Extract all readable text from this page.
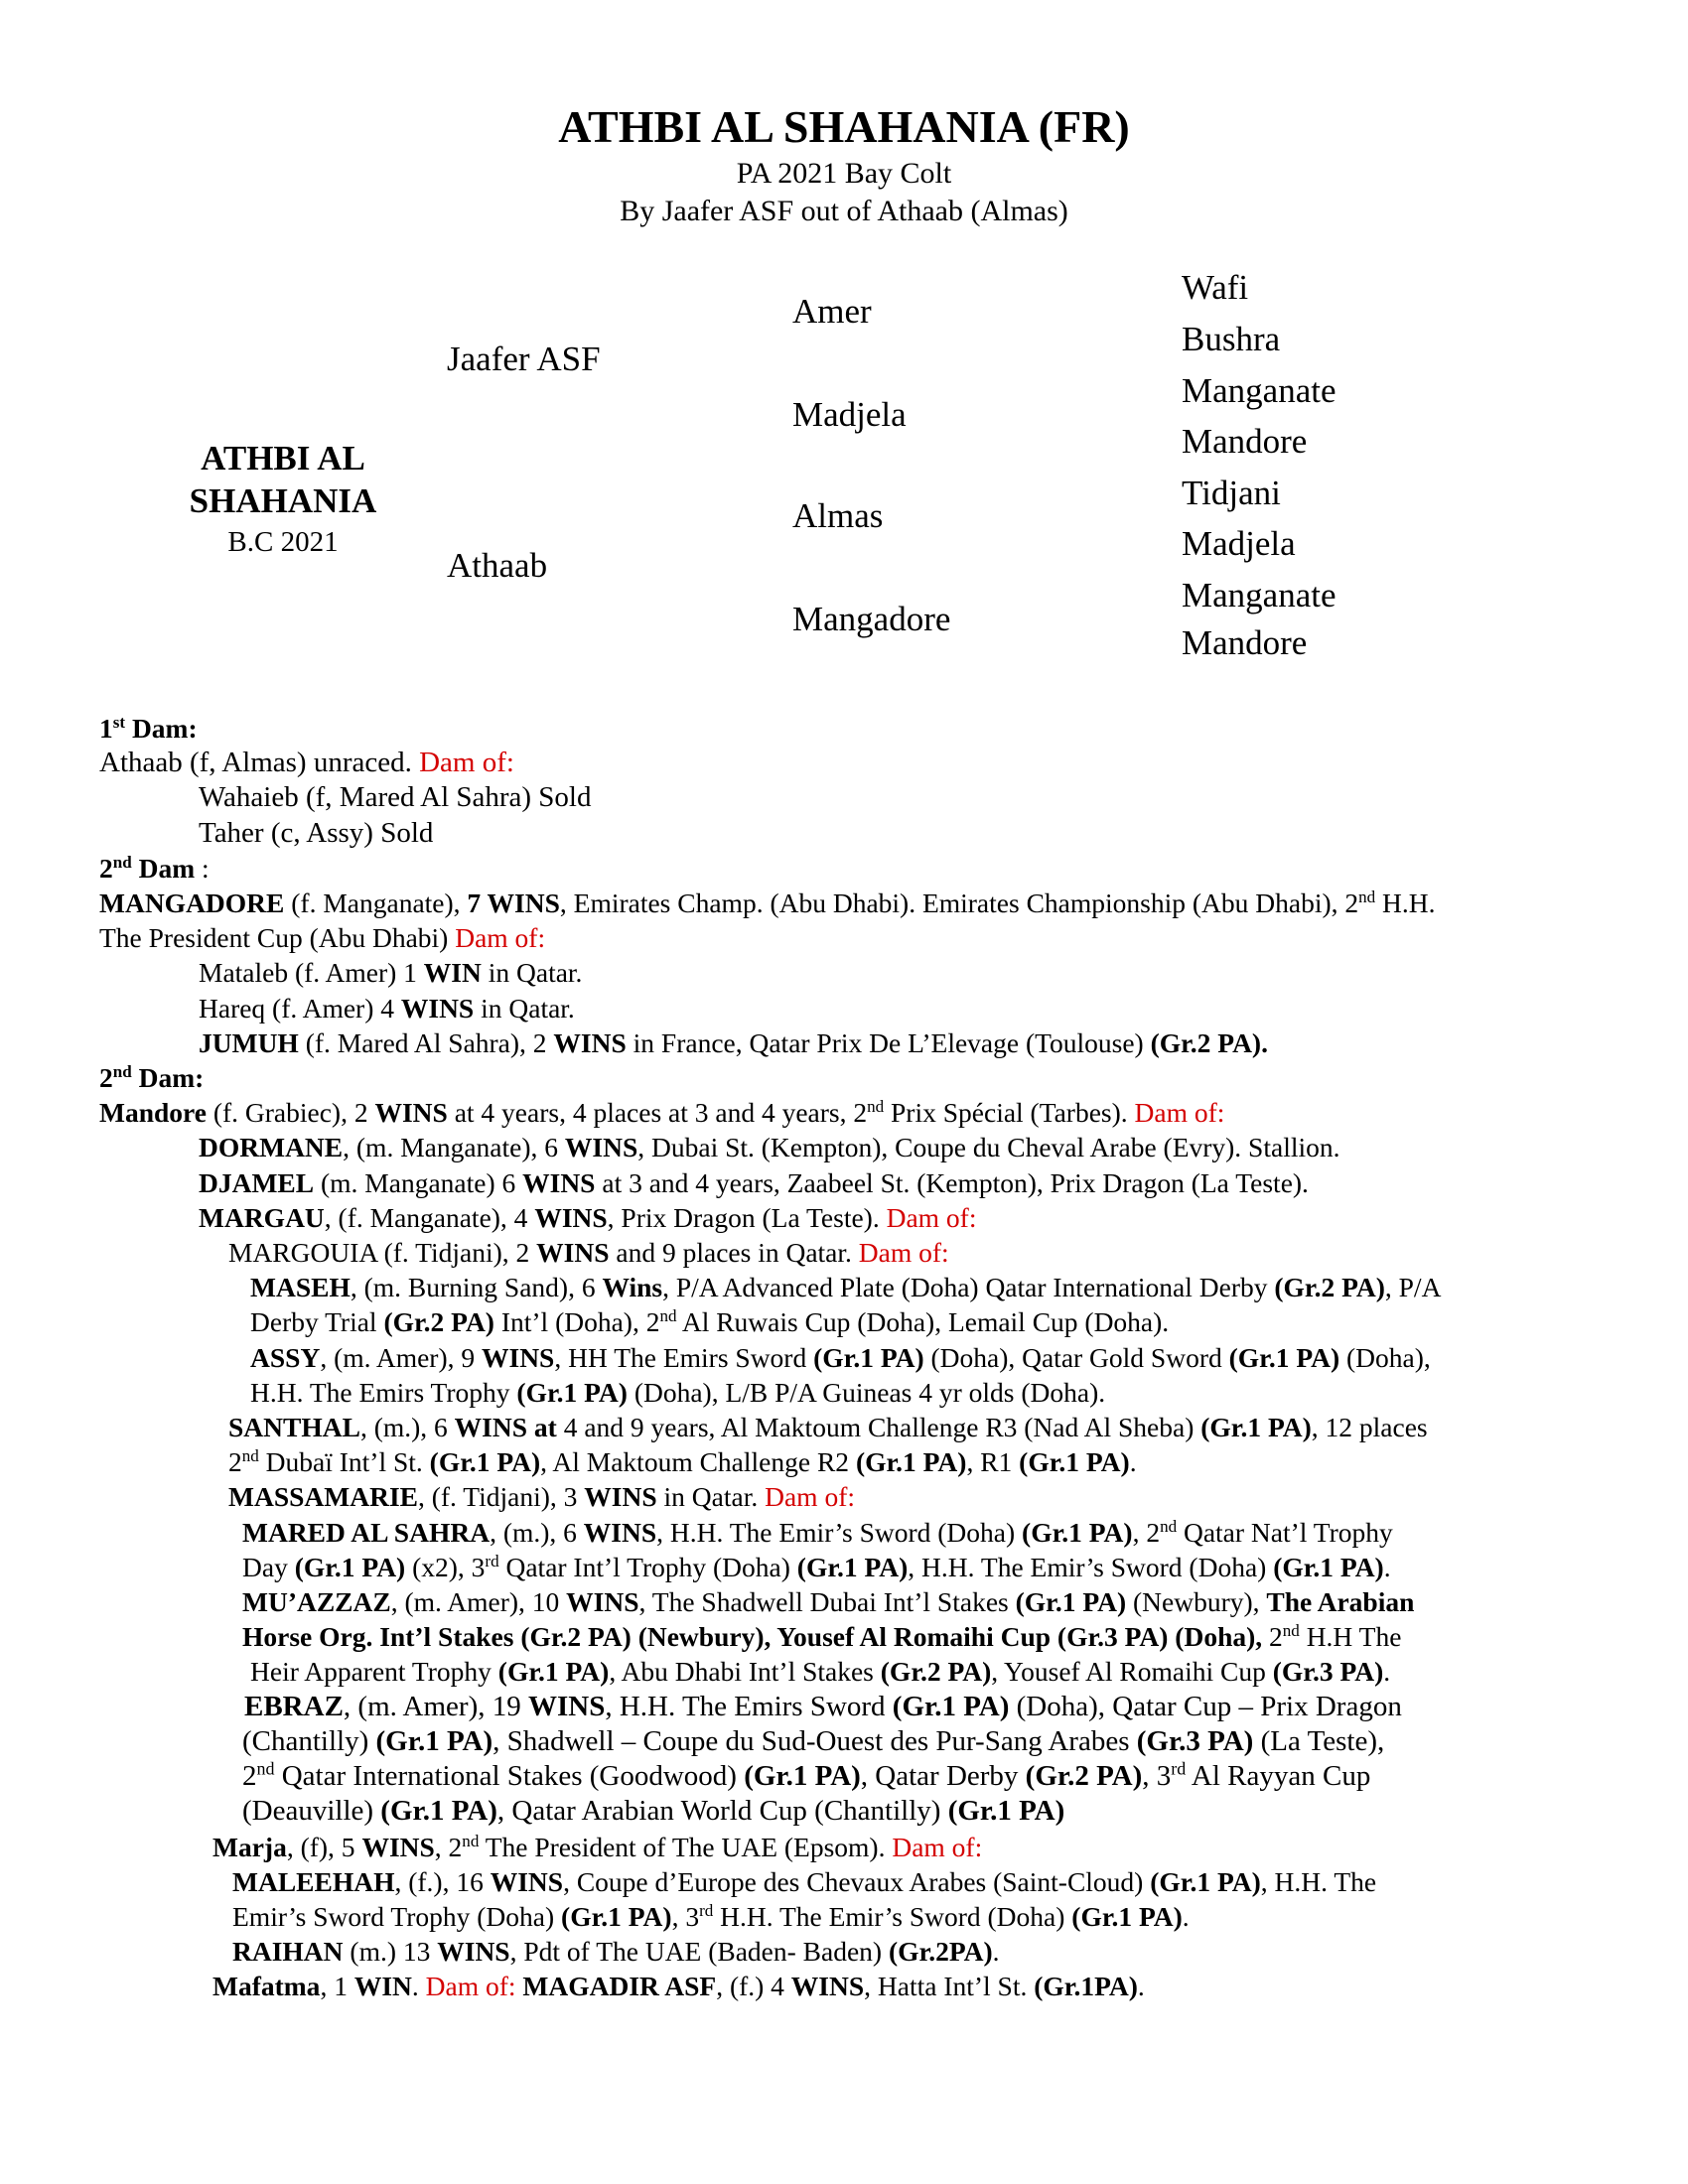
ATHBI AL SHAHANIA (FR)
PA 2021 Bay Colt
By Jaafer ASF out of Athaab (Almas)
ATHBI AL
SHAHANIA
B.C 2021
Jaafer ASF
Athaab
Amer
Madjela
Almas
Mangadore
Wafi
Bushra
Manganate
Mandore
Tidjani
Madjela
Manganate
Mandore
1st Dam:
Athaab (f, Almas) unraced. Dam of:
Wahaieb (f, Mared Al Sahra) Sold
Taher (c, Assy) Sold
2nd Dam :
MANGADORE (f. Manganate), 7 WINS, Emirates Champ. (Abu Dhabi). Emirates Championship (Abu Dhabi), 2nd H.H.
The President Cup (Abu Dhabi) Dam of:
Mataleb (f. Amer) 1 WIN in Qatar.
Hareq (f. Amer) 4 WINS in Qatar.
JUMUH (f. Mared Al Sahra), 2 WINS in France, Qatar Prix De L’Elevage (Toulouse) (Gr.2 PA).
2nd Dam:
Mandore (f. Grabiec), 2 WINS at 4 years, 4 places at 3 and 4 years, 2nd Prix Spécial (Tarbes). Dam of:
DORMANE, (m. Manganate), 6 WINS, Dubai St. (Kempton), Coupe du Cheval Arabe (Evry). Stallion.
DJAMEL (m. Manganate) 6 WINS at 3 and 4 years, Zaabeel St. (Kempton), Prix Dragon (La Teste).
MARGAU, (f. Manganate), 4 WINS, Prix Dragon (La Teste). Dam of:
MARGOUIA (f. Tidjani), 2 WINS and 9 places in Qatar. Dam of:
MASEH, (m. Burning Sand), 6 Wins, P/A Advanced Plate (Doha) Qatar International Derby (Gr.2 PA), P/A
Derby Trial (Gr.2 PA) Int’l (Doha), 2nd Al Ruwais Cup (Doha), Lemail Cup (Doha).
ASSY, (m. Amer), 9 WINS, HH The Emirs Sword (Gr.1 PA) (Doha), Qatar Gold Sword (Gr.1 PA) (Doha),
H.H. The Emirs Trophy (Gr.1 PA) (Doha), L/B P/A Guineas 4 yr olds (Doha).
SANTHAL, (m.), 6 WINS at 4 and 9 years, Al Maktoum Challenge R3 (Nad Al Sheba) (Gr.1 PA), 12 places
2nd Dubaï Int’l St. (Gr.1 PA), Al Maktoum Challenge R2 (Gr.1 PA), R1 (Gr.1 PA).
MASSAMARIE, (f. Tidjani), 3 WINS in Qatar. Dam of:
MARED AL SAHRA, (m.), 6 WINS, H.H. The Emir’s Sword (Doha) (Gr.1 PA), 2nd Qatar Nat’l Trophy
Day (Gr.1 PA) (x2), 3rd Qatar Int’l Trophy (Doha) (Gr.1 PA), H.H. The Emir’s Sword (Doha) (Gr.1 PA).
MU’AZZAZ, (m. Amer), 10 WINS, The Shadwell Dubai Int’l Stakes (Gr.1 PA) (Newbury), The Arabian
Horse Org. Int’l Stakes (Gr.2 PA) (Newbury), Yousef Al Romaihi Cup (Gr.3 PA) (Doha), 2nd H.H The
Heir Apparent Trophy (Gr.1 PA), Abu Dhabi Int’l Stakes (Gr.2 PA), Yousef Al Romaihi Cup (Gr.3 PA).
EBRAZ, (m. Amer), 19 WINS, H.H. The Emirs Sword (Gr.1 PA) (Doha), Qatar Cup – Prix Dragon
(Chantilly) (Gr.1 PA), Shadwell – Coupe du Sud-Ouest des Pur-Sang Arabes (Gr.3 PA) (La Teste),
2nd Qatar International Stakes (Goodwood) (Gr.1 PA), Qatar Derby (Gr.2 PA), 3rd Al Rayyan Cup
(Deauville) (Gr.1 PA), Qatar Arabian World Cup (Chantilly) (Gr.1 PA)
Marja, (f), 5 WINS, 2nd The President of The UAE (Epsom). Dam of:
MALEEHAH, (f.), 16 WINS, Coupe d’Europe des Chevaux Arabes (Saint-Cloud) (Gr.1 PA), H.H. The
Emir’s Sword Trophy (Doha) (Gr.1 PA), 3rd H.H. The Emir’s Sword (Doha) (Gr.1 PA).
RAIHAN (m.) 13 WINS, Pdt of The UAE (Baden- Baden) (Gr.2PA).
Mafatma, 1 WIN. Dam of: MAGADIR ASF, (f.) 4 WINS, Hatta Int’l St. (Gr.1PA).
